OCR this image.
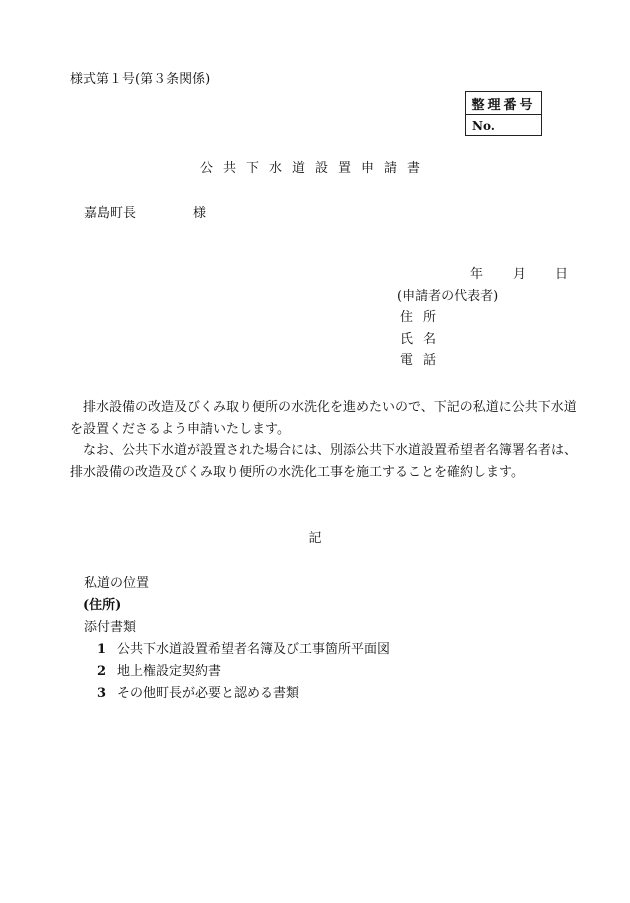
様式第１号(第３条関係)
整理番号
No.
公共下水道設置申請書
嘉島町長	様
年 月 日
(申請者の代表者)
住所
氏名
電話

排水設備の改造及びくみ取り便所の水洗化を進めたいので、下記の私道に公共下水道を設置くださるよう申請いたします。

なお、公共下水道が設置された場合には、別添公共下水道設置希望者名簿署名者は、排水設備の改造及びくみ取り便所の水洗化工事を施工することを確約します。

記
私道の位置
(住所)
添付書類
1 公共下水道設置希望者名簿及び工事箇所平面図
2 地上権設定契約書
3 その他町長が必要と認める書類
